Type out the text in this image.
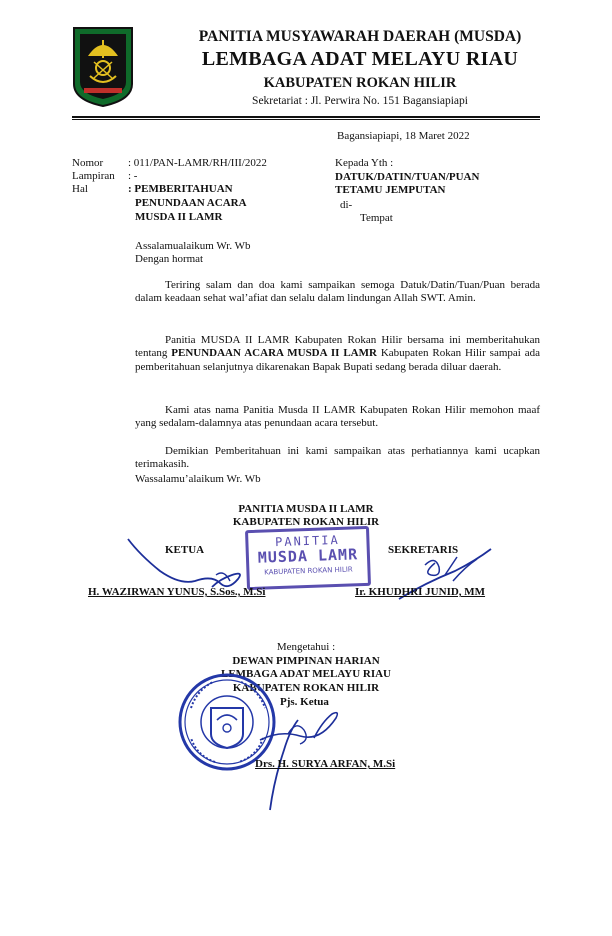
PANITIA MUSYAWARAH DAERAH (MUSDA)
LEMBAGA ADAT MELAYU RIAU
KABUPATEN ROKAN HILIR
Sekretariat : Jl. Perwira No. 151 Bagansiapiapi
Bagansiapiapi, 18 Maret 2022
Nomor : 011/PAN-LAMR/RH/III/2022
Lampiran : -
Hal	: PEMBERITAHUAN
PENUNDAAN ACARA
MUSDA II LAMR
Kepada Yth :
DATUK/DATIN/TUAN/PUAN
TETAMU JEMPUTAN
di-
Tempat
Assalamualaikum Wr. Wb
Dengan hormat
Teriring salam dan doa kami sampaikan semoga Datuk/Datin/Tuan/Puan berada dalam keadaan sehat wal’afiat dan selalu dalam lindungan Allah SWT. Amin.
Panitia MUSDA II LAMR Kabupaten Rokan Hilir bersama ini memberitahukan tentang PENUNDAAN ACARA MUSDA II LAMR Kabupaten Rokan Hilir sampai ada pemberitahuan selanjutnya dikarenakan Bapak Bupati sedang berada diluar daerah.
Kami atas nama Panitia Musda II LAMR Kabupaten Rokan Hilir memohon maaf yang sedalam-dalamnya atas penundaan acara tersebut.
Demikian Pemberitahuan ini kami sampaikan atas perhatiannya kami ucapkan terimakasih.
Wassalamu’alaikum Wr. Wb
PANITIA MUSDA II LAMR
KABUPATEN ROKAN HILIR
KETUA	SEKRETARIS
PANITIA
MUSDA LAMR
KABUPATEN ROKAN HILIR
H. WAZIRWAN YUNUS, S.Sos., M.Si	Ir. KHUDHRI JUNID, MM
Mengetahui :
DEWAN PIMPINAN HARIAN
LEMBAGA ADAT MELAYU RIAU
KABUPATEN ROKAN HILIR
Pjs. Ketua
Drs. H. SURYA ARFAN, M.Si
